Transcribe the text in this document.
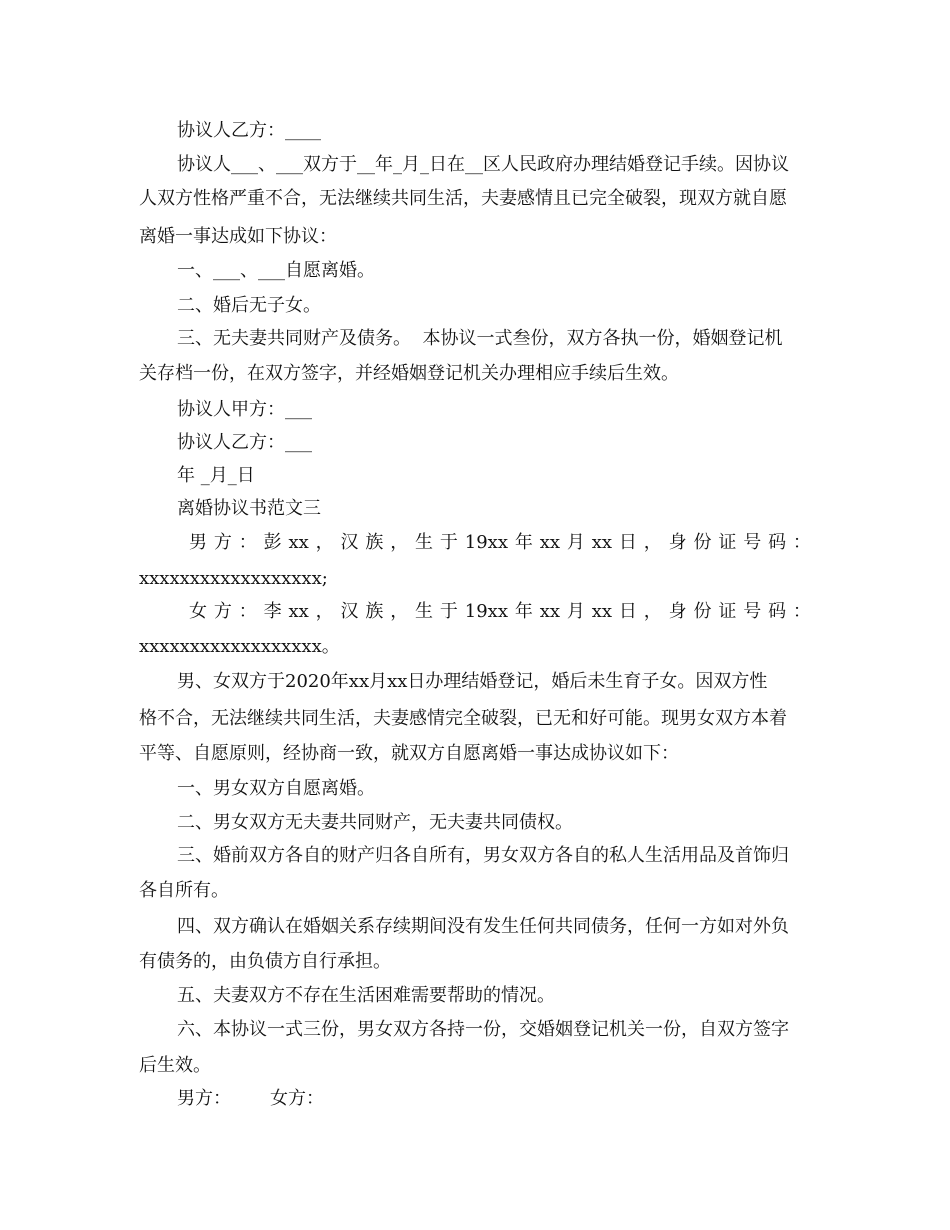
协议人乙方：____
协议人___、___双方于__年_月_日在__区人民政府办理结婚登记手续。因协议
人双方性格严重不合，无法继续共同生活，夫妻感情且已完全破裂，现双方就自愿
离婚一事达成如下协议：
一、___、___自愿离婚。
二、婚后无子女。
三、无夫妻共同财产及债务。  本协议一式叁份，双方各执一份，婚姻登记机
关存档一份，在双方签字，并经婚姻登记机关办理相应手续后生效。
协议人甲方：___
协议人乙方：___
年 _月_日
离婚协议书范文三
男 方 ： 彭 xx ， 汉 族 ， 生 于 19xx 年 xx 月 xx 日 ， 身 份 证 号 码 ：
xxxxxxxxxxxxxxxxxx;
女 方 ： 李 xx ， 汉 族 ， 生 于 19xx 年 xx 月 xx 日 ， 身 份 证 号 码 ：
xxxxxxxxxxxxxxxxxx。
男、女双方于2020年xx月xx日办理结婚登记，婚后未生育子女。因双方性
格不合，无法继续共同生活，夫妻感情完全破裂，已无和好可能。现男女双方本着
平等、自愿原则，经协商一致，就双方自愿离婚一事达成协议如下：
一、男女双方自愿离婚。
二、男女双方无夫妻共同财产，无夫妻共同债权。
三、婚前双方各自的财产归各自所有，男女双方各自的私人生活用品及首饰归
各自所有。
四、双方确认在婚姻关系存续期间没有发生任何共同债务，任何一方如对外负
有债务的，由负债方自行承担。
五、夫妻双方不存在生活困难需要帮助的情况。
六、本协议一式三份，男女双方各持一份，交婚姻登记机关一份，自双方签字
后生效。
男方： 女方：
